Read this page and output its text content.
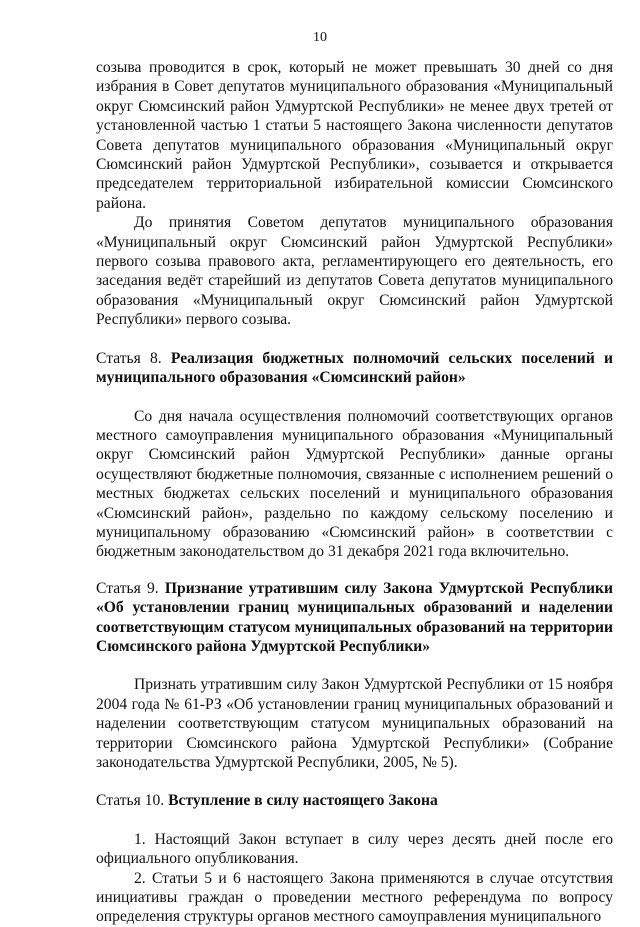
10

созыва проводится в срок, который не может превышать 30 дней со дня избрания в Совет депутатов муниципального образования «Муниципальный округ Сюмсинский район Удмуртской Республики» не менее двух третей от установленной частью 1 статьи 5 настоящего Закона численности депутатов Совета депутатов муниципального образования «Муниципальный округ Сюмсинский район Удмуртской Республики», созывается и открывается председателем территориальной избирательной комиссии Сюмсинского района.

До принятия Советом депутатов муниципального образования «Муниципальный округ Сюмсинский район Удмуртской Республики» первого созыва правового акта, регламентирующего его деятельность, его заседания ведёт старейший из депутатов Совета депутатов муниципального образования «Муниципальный округ Сюмсинский район Удмуртской Республики» первого созыва.

Статья 8. Реализация бюджетных полномочий сельских поселений и муниципального образования «Сюмсинский район»

Со дня начала осуществления полномочий соответствующих органов местного самоуправления муниципального образования «Муниципальный округ Сюмсинский район Удмуртской Республики» данные органы осуществляют бюджетные полномочия, связанные с исполнением решений о местных бюджетах сельских поселений и муниципального образования «Сюмсинский район», раздельно по каждому сельскому поселению и муниципальному образованию «Сюмсинский район» в соответствии с бюджетным законодательством до 31 декабря 2021 года включительно.

Статья 9. Признание утратившим силу Закона Удмуртской Республики «Об установлении границ муниципальных образований и наделении соответствующим статусом муниципальных образований на территории Сюмсинского района Удмуртской Республики»

Признать утратившим силу Закон Удмуртской Республики от 15 ноября 2004 года № 61-РЗ «Об установлении границ муниципальных образований и наделении соответствующим статусом муниципальных образований на территории Сюмсинского района Удмуртской Республики» (Собрание законодательства Удмуртской Республики, 2005, № 5).

Статья 10. Вступление в силу настоящего Закона

1. Настоящий Закон вступает в силу через десять дней после его официального опубликования.

2. Статьи 5 и 6 настоящего Закона применяются в случае отсутствия инициативы граждан о проведении местного референдума по вопросу определения структуры органов местного самоуправления муниципального
